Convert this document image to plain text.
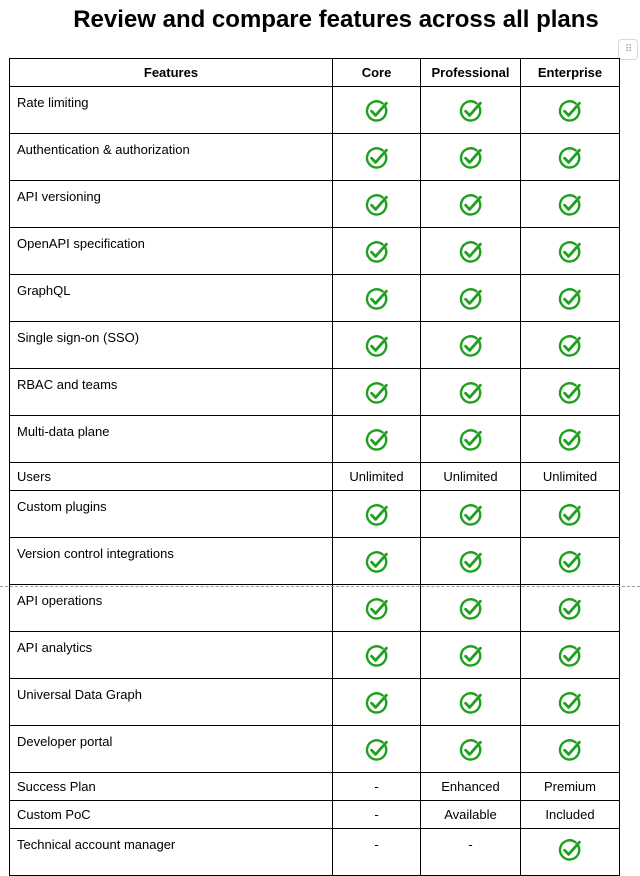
Review and compare features across all plans
⠿
Features	Core	Professional	Enterprise
Rate limiting	

Authentication & authorization	

API versioning	

OpenAPI specification	

GraphQL	

Single sign-on (SSO)	

RBAC and teams	

Multi-data plane	

Users	Unlimited	Unlimited	Unlimited
Custom plugins	

Version control integrations	

API operations	

API analytics	

Universal Data Graph	

Developer portal	

Success Plan	-	Enhanced	Premium
Custom PoC	-	Available	Included
Technical account manager	-	-	
